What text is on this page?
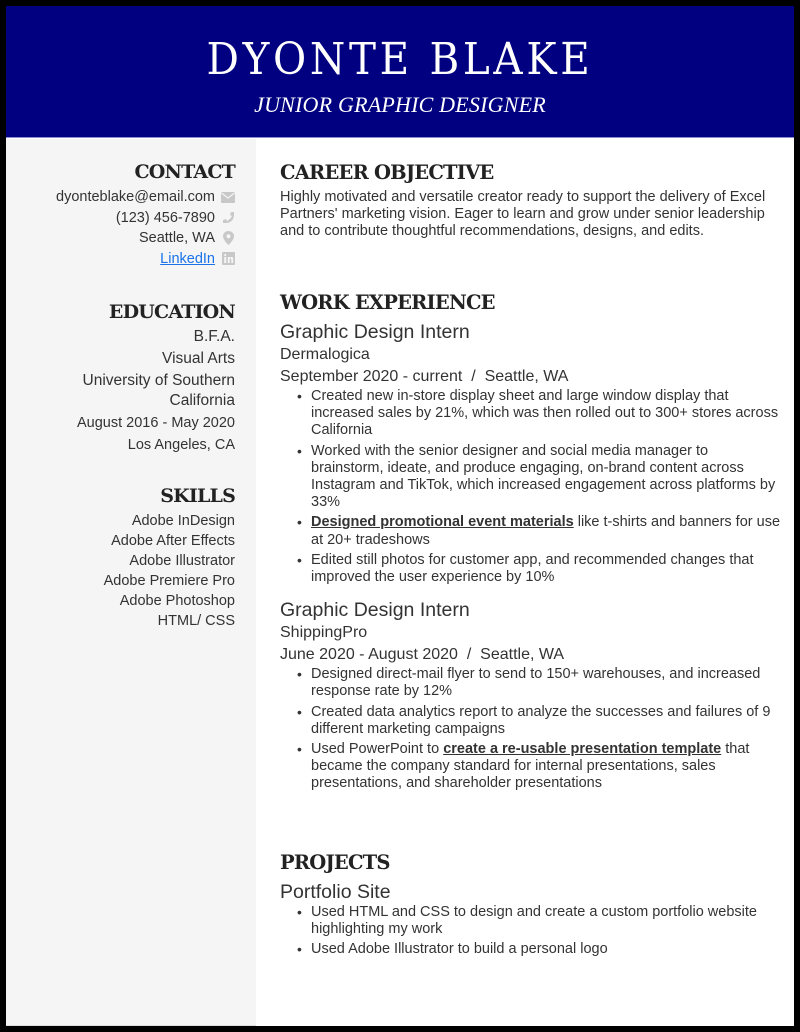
DYONTE BLAKE
JUNIOR GRAPHIC DESIGNER
CONTACT
dyonteblake@email.com
(123) 456-7890
Seattle, WA
LinkedIn
EDUCATION
B.F.A.
Visual Arts
University of Southern California
August 2016 - May 2020
Los Angeles, CA
SKILLS
Adobe InDesign
Adobe After Effects
Adobe Illustrator
Adobe Premiere Pro
Adobe Photoshop
HTML/ CSS
CAREER OBJECTIVE
Highly motivated and versatile creator ready to support the delivery of Excel Partners' marketing vision. Eager to learn and grow under senior leadership and to contribute thoughtful recommendations, designs, and edits.
WORK EXPERIENCE
Graphic Design Intern
Dermalogica
September 2020 - current  /  Seattle, WA
• Created new in-store display sheet and large window display that increased sales by 21%, which was then rolled out to 300+ stores across California
• Worked with the senior designer and social media manager to brainstorm, ideate, and produce engaging, on-brand content across Instagram and TikTok, which increased engagement across platforms by 33%
• Designed promotional event materials like t-shirts and banners for use at 20+ tradeshows
• Edited still photos for customer app, and recommended changes that improved the user experience by 10%
Graphic Design Intern
ShippingPro
June 2020 - August 2020  /  Seattle, WA
• Designed direct-mail flyer to send to 150+ warehouses, and increased response rate by 12%
• Created data analytics report to analyze the successes and failures of 9 different marketing campaigns
• Used PowerPoint to create a re-usable presentation template that became the company standard for internal presentations, sales presentations, and shareholder presentations
PROJECTS
Portfolio Site
• Used HTML and CSS to design and create a custom portfolio website highlighting my work
• Used Adobe Illustrator to build a personal logo
